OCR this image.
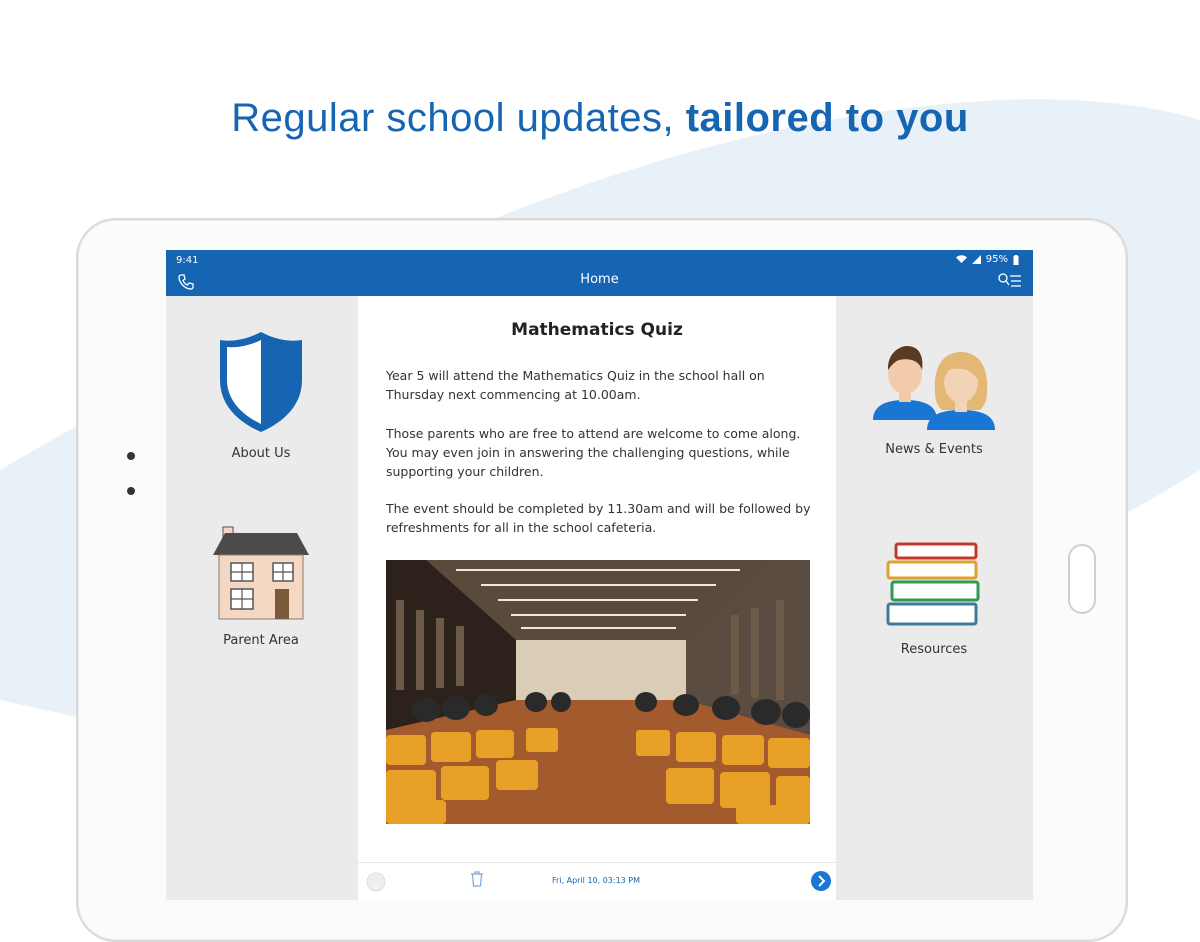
Regular school updates, tailored to you
9:41	95%
Home
About Us
Parent Area
Mathematics Quiz

Year 5 will attend the Mathematics Quiz in the school hall on Thursday next commencing at 10.00am.

Those parents who are free to attend are welcome to come along. You may even join in answering the challenging questions, while supporting your children.

The event should be completed by 11.30am and will be followed by refreshments for all in the school cafeteria.

Fri, April 10, 03:13 PM
News & Events
Resources
